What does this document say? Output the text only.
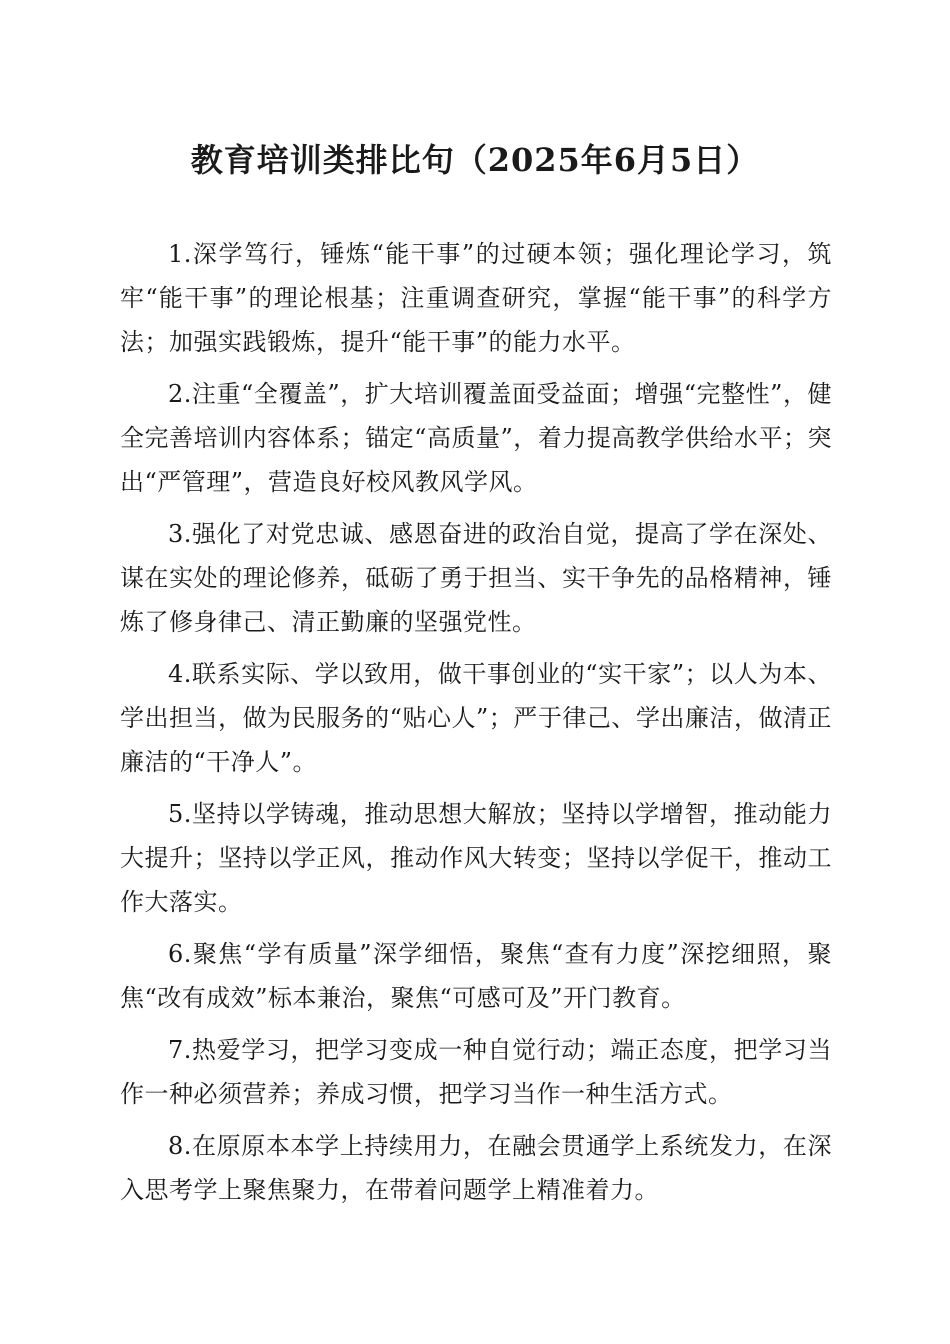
教育培训类排比句（2025年6月5日）

1.深学笃行，锤炼“能干事”的过硬本领；强化理论学习，筑牢“能干事”的理论根基；注重调查研究，掌握“能干事”的科学方法；加强实践锻炼，提升“能干事”的能力水平。

2.注重“全覆盖”，扩大培训覆盖面受益面；增强“完整性”，健全完善培训内容体系；锚定“高质量”，着力提高教学供给水平；突出“严管理”，营造良好校风教风学风。

3.强化了对党忠诚、感恩奋进的政治自觉，提高了学在深处、谋在实处的理论修养，砥砺了勇于担当、实干争先的品格精神，锤炼了修身律己、清正勤廉的坚强党性。

4.联系实际、学以致用，做干事创业的“实干家”；以人为本、学出担当，做为民服务的“贴心人”；严于律己、学出廉洁，做清正廉洁的“干净人”。

5.坚持以学铸魂，推动思想大解放；坚持以学增智，推动能力大提升；坚持以学正风，推动作风大转变；坚持以学促干，推动工作大落实。

6.聚焦“学有质量”深学细悟，聚焦“查有力度”深挖细照，聚焦“改有成效”标本兼治，聚焦“可感可及”开门教育。

7.热爱学习，把学习变成一种自觉行动；端正态度，把学习当作一种必须营养；养成习惯，把学习当作一种生活方式。

8.在原原本本学上持续用力，在融会贯通学上系统发力，在深入思考学上聚焦聚力，在带着问题学上精准着力。
